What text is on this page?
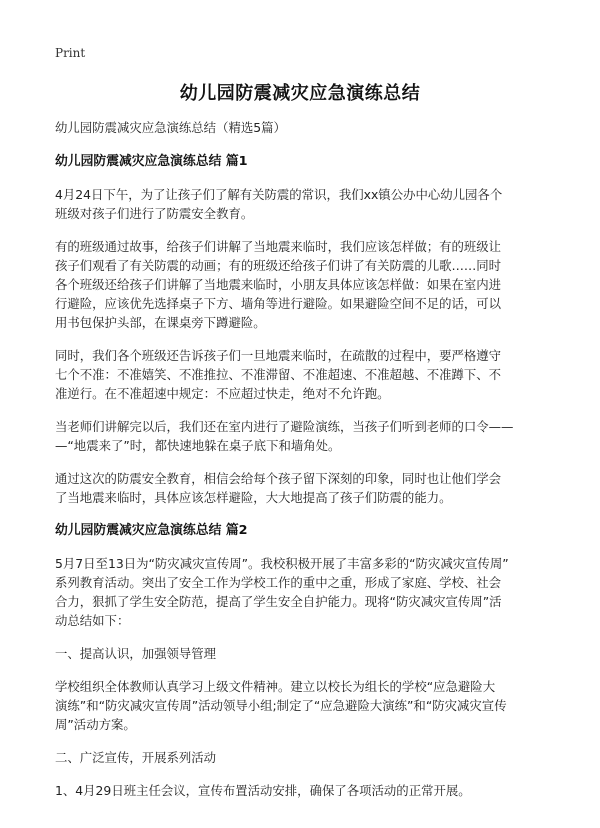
Print
幼儿园防震减灾应急演练总结

幼儿园防震减灾应急演练总结（精选5篇）

幼儿园防震减灾应急演练总结 篇1

4月24日下午，为了让孩子们了解有关防震的常识，我们xx镇公办中心幼儿园各个
班级对孩子们进行了防震安全教育。

有的班级通过故事，给孩子们讲解了当地震来临时，我们应该怎样做；有的班级让
孩子们观看了有关防震的动画；有的班级还给孩子们讲了有关防震的儿歌……同时
各个班级还给孩子们讲解了当地震来临时，小朋友具体应该怎样做：如果在室内进
行避险，应该优先选择桌子下方、墙角等进行避险。如果避险空间不足的话，可以
用书包保护头部，在课桌旁下蹲避险。

同时，我们各个班级还告诉孩子们一旦地震来临时，在疏散的过程中，要严格遵守
七个不准：不准嬉笑、不准推拉、不准滞留、不准超速、不准超越、不准蹲下、不
准逆行。在不准超速中规定：不应超过快走，绝对不允许跑。

当老师们讲解完以后，我们还在室内进行了避险演练，当孩子们听到老师的口令——
—“地震来了”时，都快速地躲在桌子底下和墙角处。

通过这次的防震安全教育，相信会给每个孩子留下深刻的印象，同时也让他们学会
了当地震来临时，具体应该怎样避险，大大地提高了孩子们防震的能力。

幼儿园防震减灾应急演练总结 篇2

5月7日至13日为“防灾减灾宣传周”。我校积极开展了丰富多彩的“防灾减灾宣传周”
系列教育活动。突出了安全工作为学校工作的重中之重，形成了家庭、学校、社会
合力，狠抓了学生安全防范，提高了学生安全自护能力。现将“防灾减灾宣传周”活
动总结如下：

一、提高认识，加强领导管理

学校组织全体教师认真学习上级文件精神。建立以校长为组长的学校“应急避险大
演练”和“防灾减灾宣传周”活动领导小组;制定了“应急避险大演练”和“防灾减灾宣传
周”活动方案。

二、广泛宣传，开展系列活动

1、4月29日班主任会议，宣传布置活动安排，确保了各项活动的正常开展。
